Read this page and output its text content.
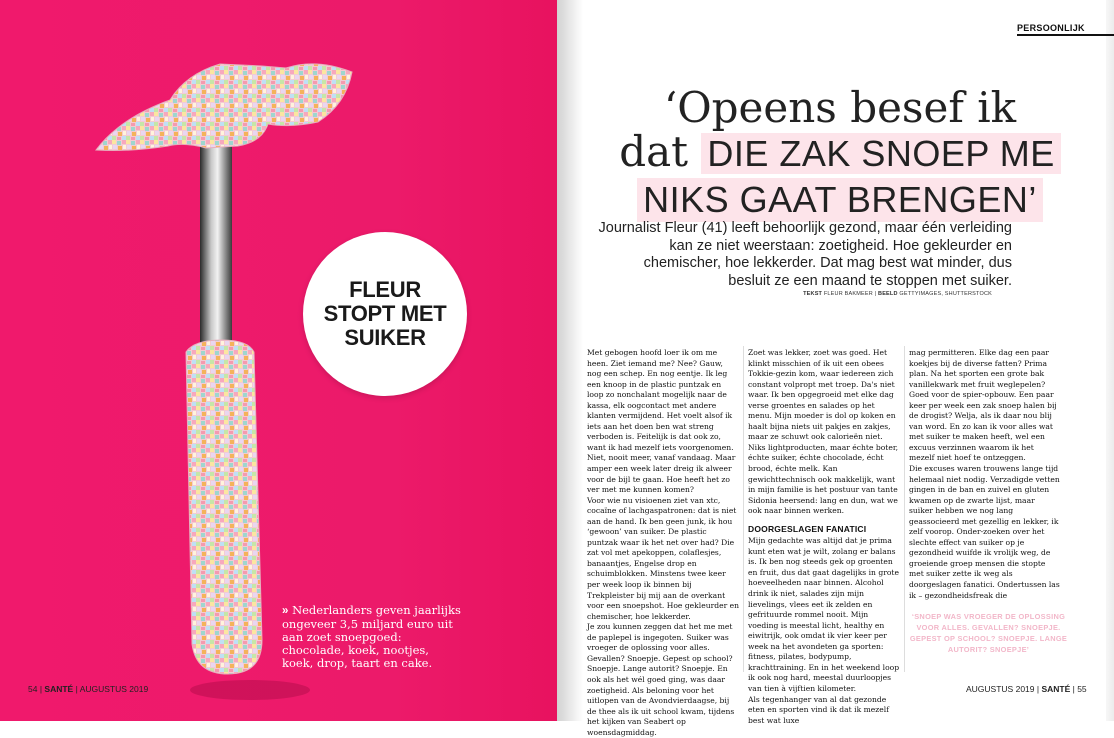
FLEUR
STOPT MET
SUIKER
» Nederlanders geven jaarlijks ongeveer 3,5 miljard euro uit aan zoet snoepgoed: chocolade, koek, nootjes, koek, drop, taart en cake.
54 | SANTÉ | AUGUSTUS 2019
PERSOONLIJK
‘Opeens besef ik
dat DIE ZAK SNOEP ME
NIKS GAAT BRENGEN’
Journalist Fleur (41) leeft behoorlijk gezond, maar één verleiding kan ze niet weerstaan: zoetigheid. Hoe gekleurder en chemischer, hoe lekkerder. Dat mag best wat minder, dus besluit ze een maand te stoppen met suiker.
TEKST FLEUR BAKMEER | BEELD GETTYIMAGES, SHUTTERSTOCK

Met gebogen hoofd loer ik om me heen. Ziet iemand me? Nee? Gauw, nog een schep. En nog eentje. Ik leg een knoop in de plastic puntzak en loop zo nonchalant mogelijk naar de kassa, elk oogcontact met andere klanten vermijdend. Het voelt alsof ik iets aan het doen ben wat streng verboden is. Feitelijk is dat ook zo, want ik had mezelf iets voorgenomen. Niet, nooit meer, vanaf vandaag. Maar amper een week later dreig ik alweer voor de bijl te gaan. Hoe heeft het zo ver met me kunnen komen?

Voor wie nu visioenen ziet van xtc, cocaïne of lachgaspatronen: dat is niet aan de hand. Ik ben geen junk, ik hou ‘gewoon’ van suiker. De plastic puntzak waar ik het net over had? Die zat vol met apekoppen, colaflesjes, banaantjes, Engelse drop en schuimblokken. Minstens twee keer per week loop ik binnen bij Trekpleister bij mij aan de overkant voor een snoepshot. Hoe gekleurder en chemischer, hoe lekkerder.

Je zou kunnen zeggen dat het me met de paplepel is ingegoten. Suiker was vroeger de oplossing voor alles. Gevallen? Snoepje. Gepest op school? Snoepje. Lange autorit? Snoepje. En ook als het wél goed ging, was daar zoetigheid. Als beloning voor het uitlopen van de Avondvierdaagse, bij de thee als ik uit school kwam, tijdens het kijken van Seabert op woensdagmiddag.

Zoet was lekker, zoet was goed. Het klinkt misschien of ik uit een obees Tokkie-gezin kom, waar iedereen zich constant volpropt met troep. Da's niet waar. Ik ben opgegroeid met elke dag verse groentes en salades op het menu. Mijn moeder is dol op koken en haalt bijna niets uit pakjes en zakjes, maar ze schuwt ook calorieën niet. Niks lightproducten, maar échte boter, échte suiker, échte chocolade, écht brood, échte melk. Kan gewichttechnisch ook makkelijk, want in mijn familie is het postuur van tante Sidonia heersend: lang en dun, wat we ook naar binnen werken.

DOORGESLAGEN FANATICI

Mijn gedachte was altijd dat je prima kunt eten wat je wilt, zolang er balans is. Ik ben nog steeds gek op groenten en fruit, dus dat gaat dagelijks in grote hoeveelheden naar binnen. Alcohol drink ik niet, salades zijn mijn lievelings, vlees eet ik zelden en gefrituurde rommel nooit. Mijn voeding is meestal licht, healthy en eiwitrijk, ook omdat ik vier keer per week na het avondeten ga sporten: fitness, pilates, bodypump, krachttraining. En in het weekend loop ik ook nog hard, meestal duurloopjes van tien à vijftien kilometer.

Als tegenhanger van al dat gezonde eten en sporten vind ik dat ik mezelf best wat luxe

mag permitteren. Elke dag een paar koekjes bij de diverse fatten? Prima plan. Na het sporten een grote bak vanillekwark met fruit weglepelen? Goed voor de spier-opbouw. Een paar keer per week een zak snoep halen bij de drogist? Welja, als ik daar nou blij van word. En zo kan ik voor alles wat met suiker te maken heeft, wel een excuus verzinnen waarom ik het mezelf niet hoef te ontzeggen.

Die excuses waren trouwens lange tijd helemaal niet nodig. Verzadigde vetten gingen in de ban en zuivel en gluten kwamen op de zwarte lijst, maar suiker hebben we nog lang geassocieerd met gezellig en lekker, ik zelf voorop. Onder-zoeken over het slechte effect van suiker op je gezondheid wuifde ik vrolijk weg, de groeiende groep mensen die stopte met suiker zette ik weg als doorgeslagen fanatici. Ondertussen las ik – gezondheidsfreak die

‘SNOEP WAS VROEGER DE OPLOSSING VOOR ALLES. GEVALLEN? SNOEPJE. GEPEST OP SCHOOL? SNOEPJE. LANGE AUTORIT? SNOEPJE’
AUGUSTUS 2019 | SANTÉ | 55
